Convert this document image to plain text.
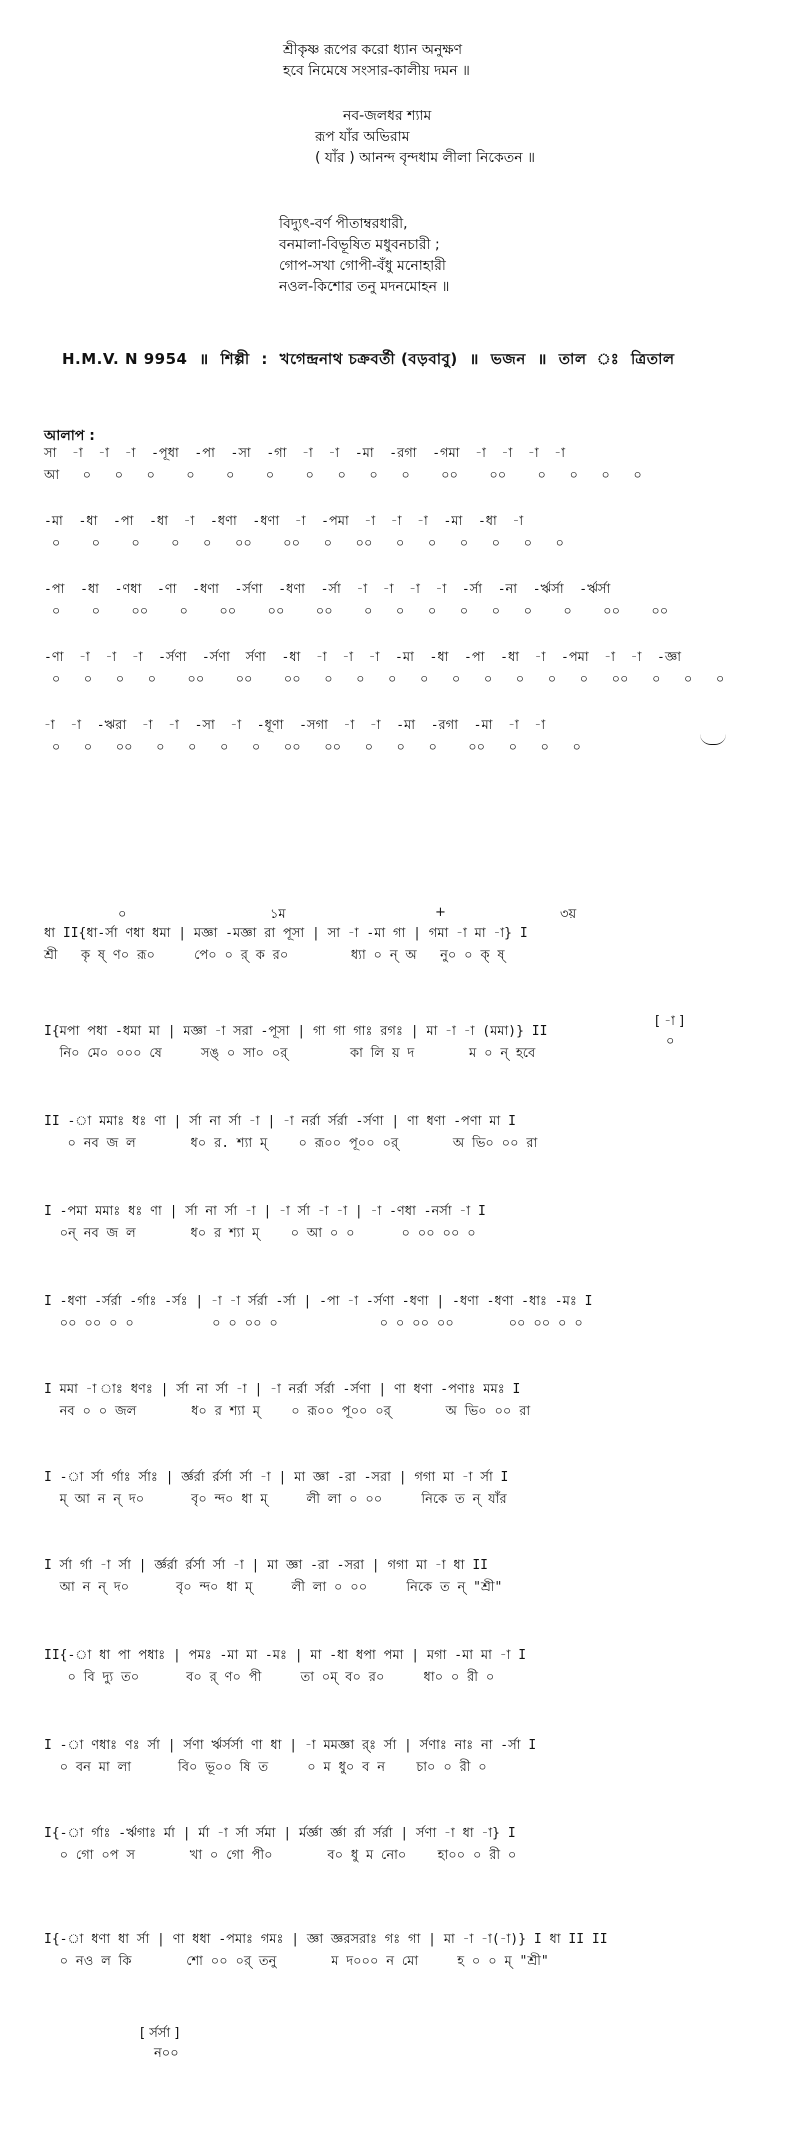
শ্রীকৃষ্ণ রূপের করো ধ্যান অনুক্ষণ
হবে নিমেষে সংসার-কালীয় দমন ॥
নব-জলধর শ্যাম
রূপ যাঁর অভিরাম
( যাঁর ) আনন্দ বৃন্দধাম লীলা নিকেতন ॥
বিদ্যুৎ-বর্ণ পীতাম্বরধারী,
বনমালা-বিভূষিত মধুবনচারী ;
গোপ-সখা গোপী-বঁধু মনোহারী
নওল-কিশোর তনু মদনমোহন ॥
H.M.V. N 9954 ॥ শিল্পী : খগেন্দ্রনাথ চক্রবর্তী (বড়বাবু) ॥ ভজন ॥ তাল	ত্রিতাল
আলাপ :
সা  -া  -া  -া  -পূধা  -পা  -সা  -গা  -া  -া  -মা  -রগা  -গমা  -া  -া  -া  -া
আ   ০   ০   ০    ০    ০    ০    ০   ০   ০   ০    ০০    ০০    ০   ০   ০   ০
-মা  -ধা  -পা  -ধা  -া  -ধণা  -ধণা  -া  -পমা  -া  -া  -া  -মা  -ধা  -া
০    ০    ০    ০   ০   ০০    ০০   ০   ০০   ০   ০   ০   ০   ০   ০
-পা  -ধা  -ণধা  -ণা  -ধণা  -র্সণা  -ধণা  -র্সা  -া  -া  -া  -া  -র্সা  -না  -র্ঋর্সা  -র্ঋর্সা
০    ০    ০০    ০    ০০    ০০    ০০    ০   ০   ০   ০   ০   ০    ০    ০০    ০০
-ণা  -া  -া  -া  -র্সণা  -র্সণা  র্সণা  -ধা  -া  -া  -া  -মা  -ধা  -পা  -ধা  -া  -পমা  -া  -া  -জ্ঞা
০   ০   ০   ০    ০০    ০০    ০০   ০   ০   ০   ০   ০   ০   ০   ০   ০   ০০   ০   ০   ০
-া  -া  -ঋরা  -া  -া  -সা  -া  -ধূণা  -সগা  -া  -া  -মা  -রগা  -মা  -া  -া
০   ০   ০০   ০   ০   ০   ০   ০০   ০০   ০   ০   ০    ০০   ০   ০   ০
০	১ম	+	৩য়
[ -া ]
০
ধা II{ধা-র্সা ণধা ধমা | মজ্ঞা -মজ্ঞা রা পূসা | সা -া -মা গা | গমা -া মা -া} I
শ্রী   কৃ ষ্ ণ০ রূ০     পে০ ০ র্ ক র০        ধ্যা ০ ন্ অ   নু০ ০ ক্ ষ্
I{মপা পধা -ধমা মা | মজ্ঞা -া সরা -পূসা | গা গা গাঃ রগঃ | মা -া -া (মমা)} II
নি০ মে০ ০০০ ষে     সঙ্ ০ সা০ ০র্        কা লি য় দ       ম ০ ন্ হবে
II -া মমাঃ ধঃ ণা | র্সা না র্সা -া | -া নর্রা র্সর্রা -র্সণা | ণা ধণা -পণা মা I
০ নব জ ল       ধ০ র. শ্যা ম্    ০ রূ০০ পূ০০ ০র্       অ ভি০ ০০ রা
I -পমা মমাঃ ধঃ ণা | র্সা না র্সা -া | -া র্সা -া -া | -া -ণধা -নর্সা -া I
০ন্ নব জ ল       ধ০ র শ্যা ম্    ০ আ ০ ০      ০ ০০ ০০ ০
I -ধণা -র্সর্রা -র্গাঃ -র্সঃ | -া -া র্সর্রা -র্সা | -পা -া -র্সণা -ধণা | -ধণা -ধণা -ধাঃ -মঃ I
০০ ০০ ০ ০          ০ ০ ০০ ০             ০ ০ ০০ ০০       ০০ ০০ ০ ০
I মমা -া াঃ ধণঃ | র্সা না র্সা -া | -া নর্রা র্সর্রা -র্সণা | ণা ধণা -পণাঃ মমঃ I
নব ০ ০ জল       ধ০ র শ্যা ম্    ০ রূ০০ পূ০০ ০র্       অ ভি০ ০০ রা
I -া র্সা র্গাঃ র্সাঃ | র্জ্ঞর্রা র্রর্সা র্সা -া | মা জ্ঞা -রা -সরা | গগা মা -া র্সা I
ম্ আ ন ন্ দ০      বৃ০ ন্দ০ ধা ম্     লী লা ০ ০০     নিকে ত ন্ যাঁর
I র্সা র্গা -া র্সা | র্জ্ঞর্রা র্রর্সা র্সা -া | মা জ্ঞা -রা -সরা | গগা মা -া ধা II
আ ন ন্ দ০      বৃ০ ন্দ০ ধা ম্     লী লা ০ ০০     নিকে ত ন্ "শ্রী"
II{-া ধা পা পধাঃ | পমঃ -মা মা -মঃ | মা -ধা ধপা পমা | মগা -মা মা -া I
০ বি দ্যু ত০      ব০ র্ ণ০ পী     তা ০ম্ ব০ র০     ধা০ ০ রী ০
I -া ণধাঃ ণঃ র্সা | র্সণা র্ঋর্সর্সা ণা ধা | -া মমজ্ঞা র্ঃ র্সা | র্সণাঃ নাঃ না -র্সা I
০ বন মা লা      বি০ ভূ০০ ষি ত     ০ ম ধু০ ব ন    চা০ ০ রী ০
I{-া র্গাঃ -র্ঋগাঃ র্মা | র্মা -া র্সা র্সমা | র্মর্জ্ঞা র্জ্ঞা র্রা র্সর্রা | র্সণা -া ধা -া} I
০ গো ০প স       খা ০ গো পী০       ব০ ধু ম নো০    হা০০ ০ রী ০
I{-া ধণা ধা র্সা | ণা ধধা -পমাঃ গমঃ | জ্ঞা জ্ঞরসরাঃ গঃ গা | মা -া -া(-া)} I ধা II II
০ নও ল কি       শো ০০ ০র্ তনু       ম দ০০০ ন মো     হ ০ ০ ম্ "শ্রী"
[ র্সর্সা ]
ন০০
